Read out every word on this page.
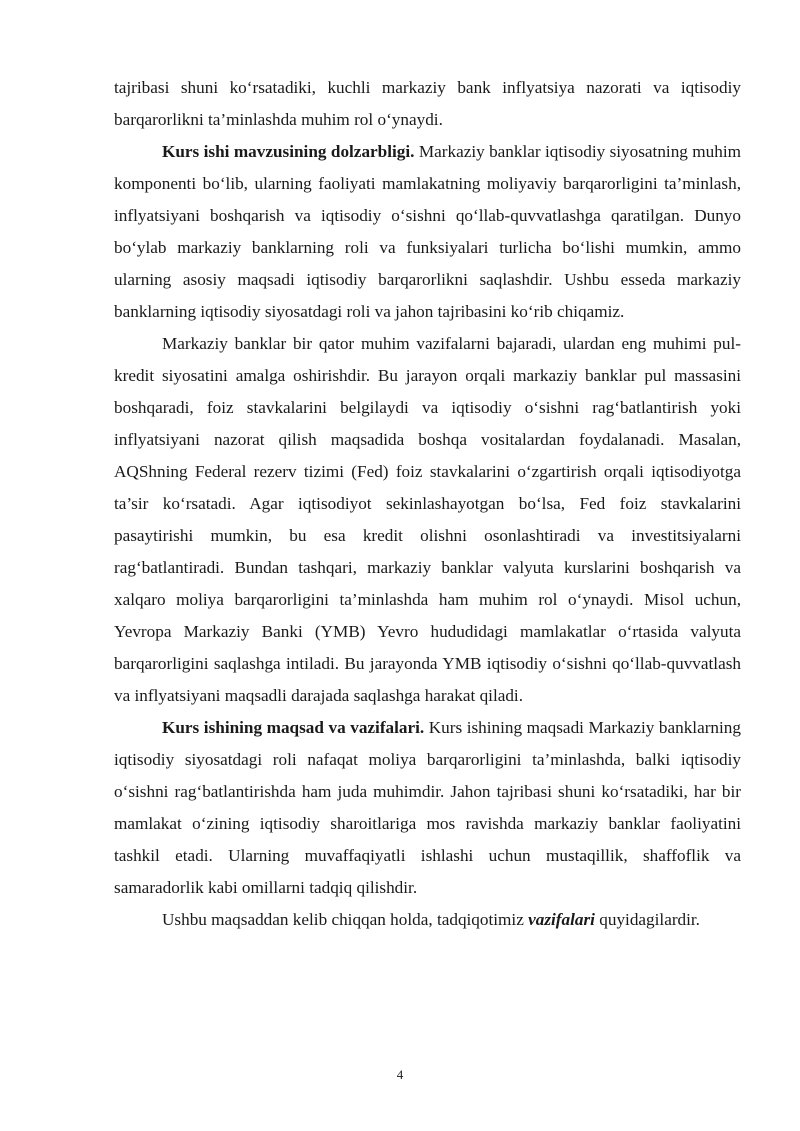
tajribasi shuni ko‘rsatadiki, kuchli markaziy bank inflyatsiya nazorati va iqtisodiy barqarorlikni ta’minlashda muhim rol o‘ynaydi.

Kurs ishi mavzusining dolzarbligi. Markaziy banklar iqtisodiy siyosatning muhim komponenti bo‘lib, ularning faoliyati mamlakatning moliyaviy barqarorligini ta’minlash, inflyatsiyani boshqarish va iqtisodiy o‘sishni qo‘llab-quvvatlashga qaratilgan. Dunyo bo‘ylab markaziy banklarning roli va funksiyalari turlicha bo‘lishi mumkin, ammo ularning asosiy maqsadi iqtisodiy barqarorlikni saqlashdir. Ushbu esseda markaziy banklarning iqtisodiy siyosatdagi roli va jahon tajribasini ko‘rib chiqamiz.

Markaziy banklar bir qator muhim vazifalarni bajaradi, ulardan eng muhimi pul-kredit siyosatini amalga oshirishdir. Bu jarayon orqali markaziy banklar pul massasini boshqaradi, foiz stavkalarini belgilaydi va iqtisodiy o‘sishni rag‘batlantirish yoki inflyatsiyani nazorat qilish maqsadida boshqa vositalardan foydalanadi. Masalan, AQShning Federal rezerv tizimi (Fed) foiz stavkalarini o‘zgartirish orqali iqtisodiyotga ta’sir ko‘rsatadi. Agar iqtisodiyot sekinlashayotgan bo‘lsa, Fed foiz stavkalarini pasaytirishi mumkin, bu esa kredit olishni osonlashtiradi va investitsiyalarni rag‘batlantiradi. Bundan tashqari, markaziy banklar valyuta kurslarini boshqarish va xalqaro moliya barqarorligini ta’minlashda ham muhim rol o‘ynaydi. Misol uchun, Yevropa Markaziy Banki (YMB) Yevro hududidagi mamlakatlar o‘rtasida valyuta barqarorligini saqlashga intiladi. Bu jarayonda YMB iqtisodiy o‘sishni qo‘llab-quvvatlash va inflyatsiyani maqsadli darajada saqlashga harakat qiladi.

Kurs ishining maqsad va vazifalari. Kurs ishining maqsadi Markaziy banklarning iqtisodiy siyosatdagi roli nafaqat moliya barqarorligini ta’minlashda, balki iqtisodiy o‘sishni rag‘batlantirishda ham juda muhimdir. Jahon tajribasi shuni ko‘rsatadiki, har bir mamlakat o‘zining iqtisodiy sharoitlariga mos ravishda markaziy banklar faoliyatini tashkil etadi. Ularning muvaffaqiyatli ishlashi uchun mustaqillik, shaffoflik va samaradorlik kabi omillarni tadqiq qilishdir.

Ushbu maqsaddan kelib chiqqan holda, tadqiqotimiz vazifalari quyidagilardir.

4
